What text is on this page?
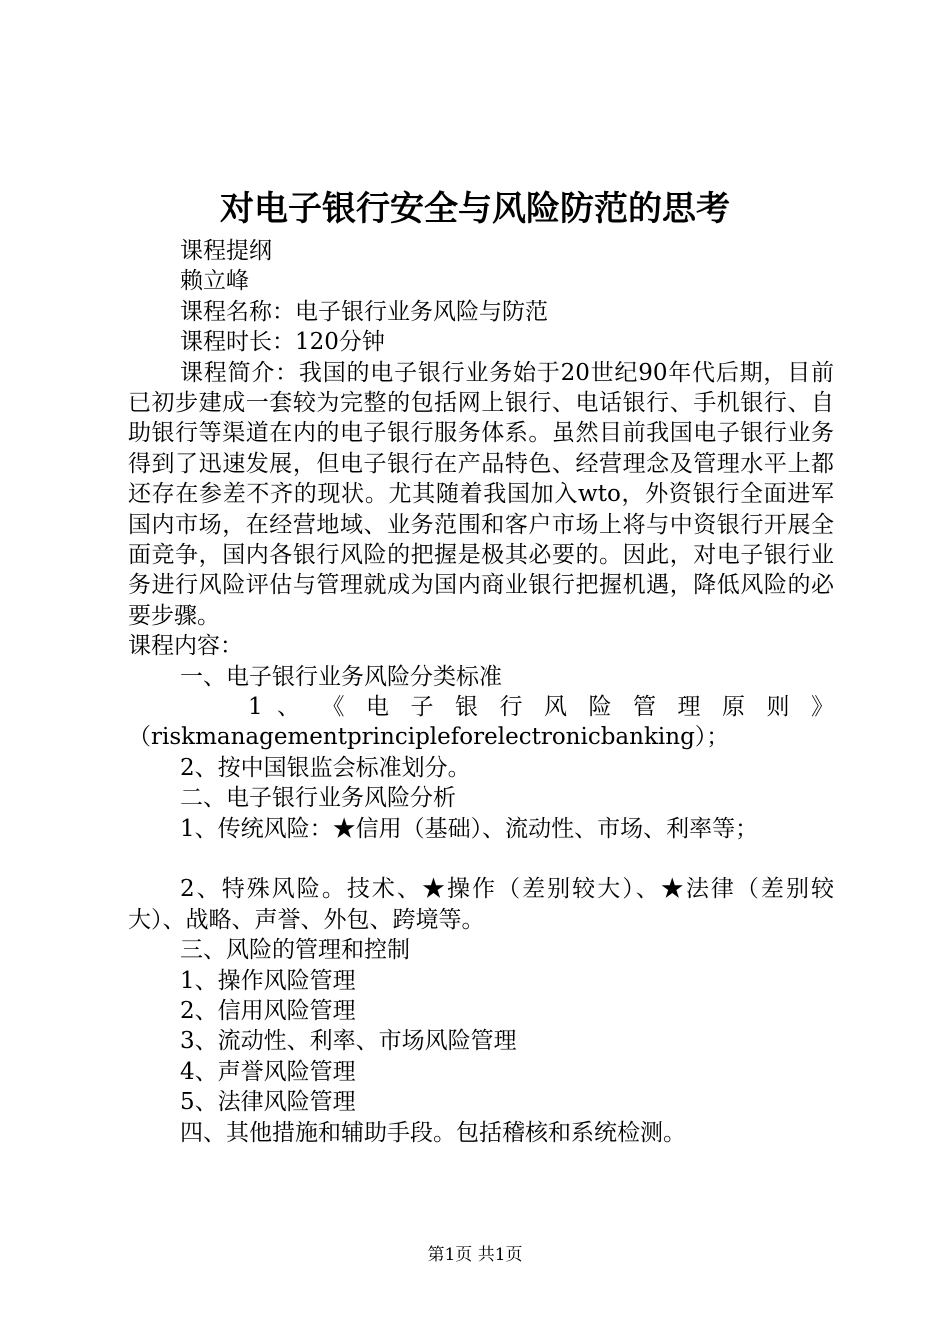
对电子银行安全与风险防范的思考
课程提纲
赖立峰
课程名称：电子银行业务风险与防范
课程时长：120分钟
课程简介：我国的电子银行业务始于20世纪90年代后期，目前已初步建成一套较为完整的包括网上银行、电话银行、手机银行、自助银行等渠道在内的电子银行服务体系。虽然目前我国电子银行业务得到了迅速发展，但电子银行在产品特色、经营理念及管理水平上都还存在参差不齐的现状。尤其随着我国加入wto，外资银行全面进军国内市场，在经营地域、业务范围和客户市场上将与中资银行开展全面竞争，国内各银行风险的把握是极其必要的。因此，对电子银行业务进行风险评估与管理就成为国内商业银行把握机遇，降低风险的必要步骤。
课程内容：
一、电子银行业务风险分类标准
1 、 《 电 子 银 行 风 险 管 理 原 则 》
（riskmanagementprincipleforelectronicbanking）；
2、按中国银监会标准划分。
二、电子银行业务风险分析
1、传统风险：★信用（基础）、流动性、市场、利率等；
2、特殊风险。技术、★操作（差别较大）、★法律（差别较大）、战略、声誉、外包、跨境等。
三、风险的管理和控制
1、操作风险管理
2、信用风险管理
3、流动性、利率、市场风险管理
4、声誉风险管理
5、法律风险管理
四、其他措施和辅助手段。包括稽核和系统检测。
第1页 共1页
